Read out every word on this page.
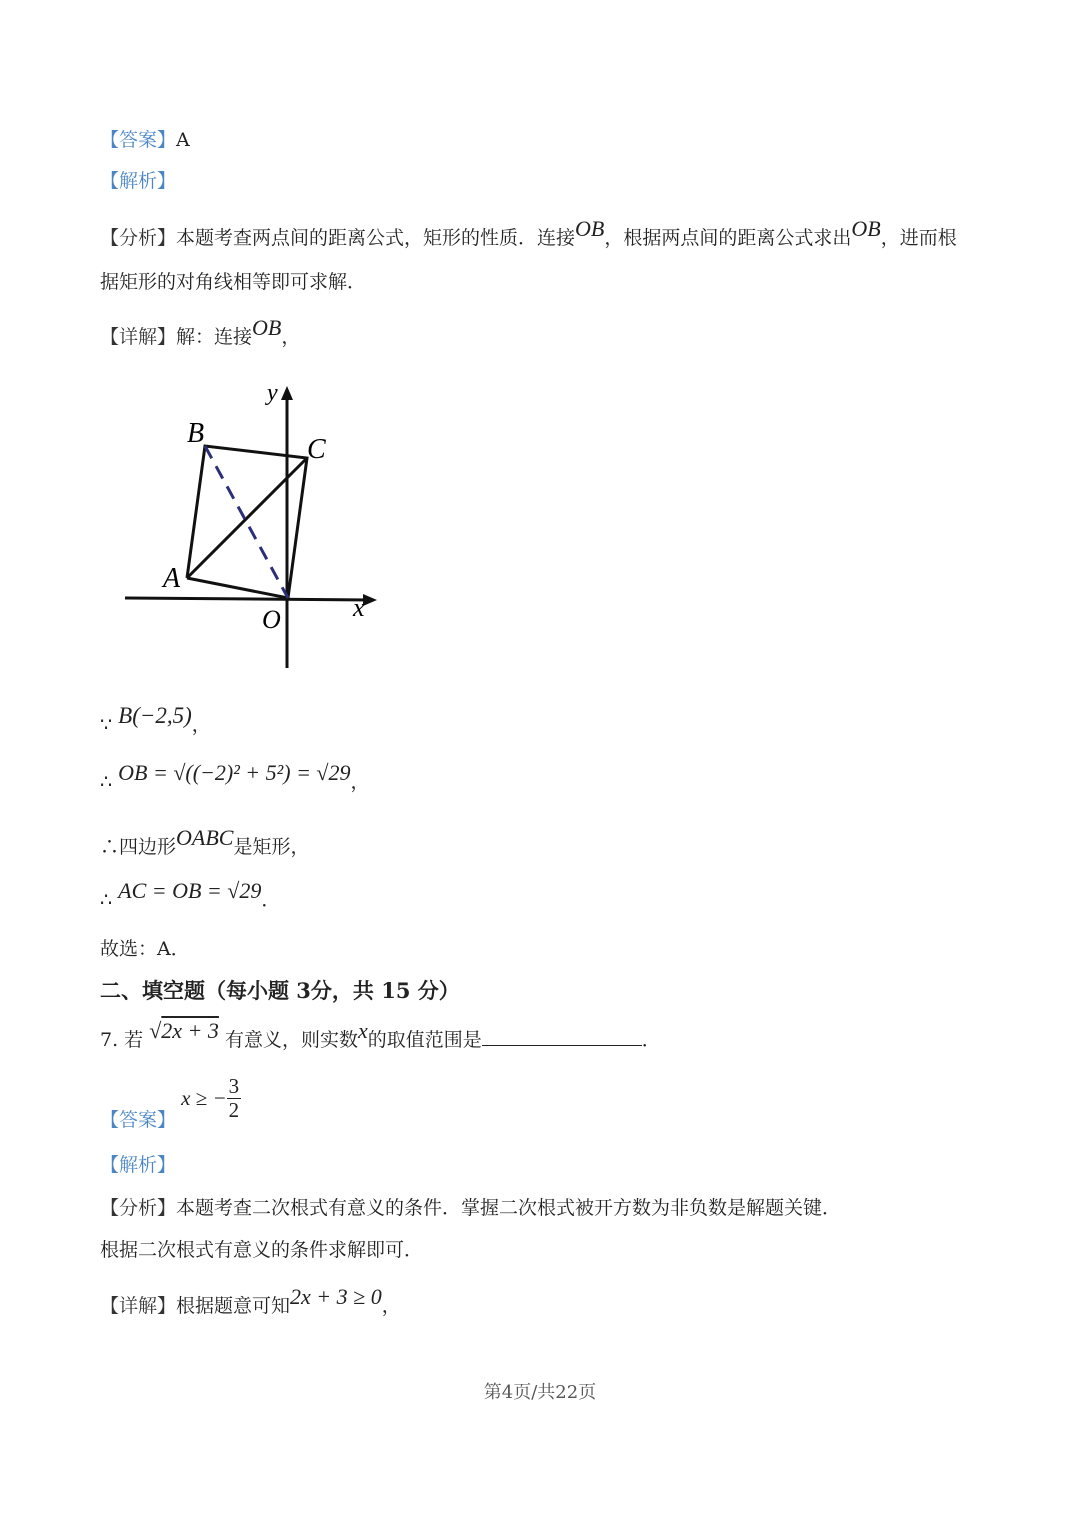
【答案】A
【解析】
【分析】本题考查两点间的距离公式，矩形的性质．连接OB，根据两点间的距离公式求出OB，进而根
据矩形的对角线相等即可求解．
【详解】解：连接OB，
B
C
A
O	x
y
∵ B(−2,5)，
∴ OB = √((−2)² + 5²) = √29，
∴四边形OABC是矩形，
∴ AC = OB = √29．
故选：A．
二、填空题（每小题 3分，共 15 分）
7. 若 √2x + 3 有意义，则实数x的取值范围是	．
【答案】 x ≥ − $\frac{3}{2}$
【解析】
【分析】本题考查二次根式有意义的条件．掌握二次根式被开方数为非负数是解题关键．
根据二次根式有意义的条件求解即可．
【详解】根据题意可知2x + 3 ≥ 0，
第4页/共22页
